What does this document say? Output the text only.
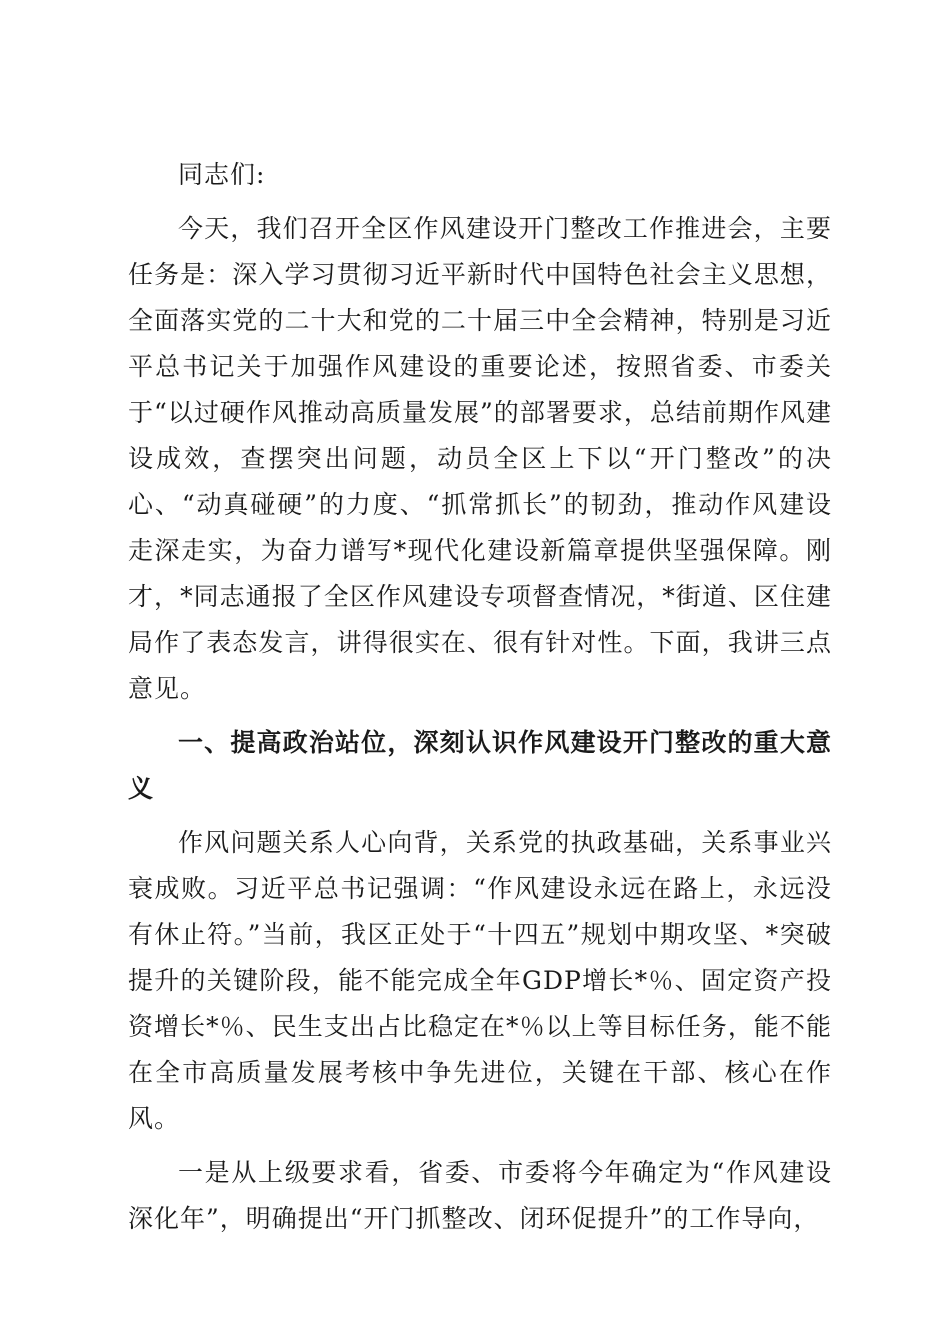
同志们:

今天，我们召开全区作风建设开门整改工作推进会，主要任务是：深入学习贯彻习近平新时代中国特色社会主义思想，全面落实党的二十大和党的二十届三中全会精神，特别是习近平总书记关于加强作风建设的重要论述，按照省委、市委关于“以过硬作风推动高质量发展”的部署要求，总结前期作风建设成效，查摆突出问题，动员全区上下以“开门整改”的决心、“动真碰硬”的力度、“抓常抓长”的韧劲，推动作风建设走深走实，为奋力谱写*现代化建设新篇章提供坚强保障。刚才，*同志通报了全区作风建设专项督查情况，*街道、区住建局作了表态发言，讲得很实在、很有针对性。下面，我讲三点意见。

一、提高政治站位，深刻认识作风建设开门整改的重大意义

作风问题关系人心向背，关系党的执政基础，关系事业兴衰成败。习近平总书记强调：“作风建设永远在路上，永远没有休止符。”当前，我区正处于“十四五”规划中期攻坚、*突破提升的关键阶段，能不能完成全年GDP增长*％、固定资产投资增长*％、民生支出占比稳定在*％以上等目标任务，能不能在全市高质量发展考核中争先进位，关键在干部、核心在作风。

一是从上级要求看，省委、市委将今年确定为“作风建设深化年”，明确提出“开门抓整改、闭环促提升”的工作导向，
